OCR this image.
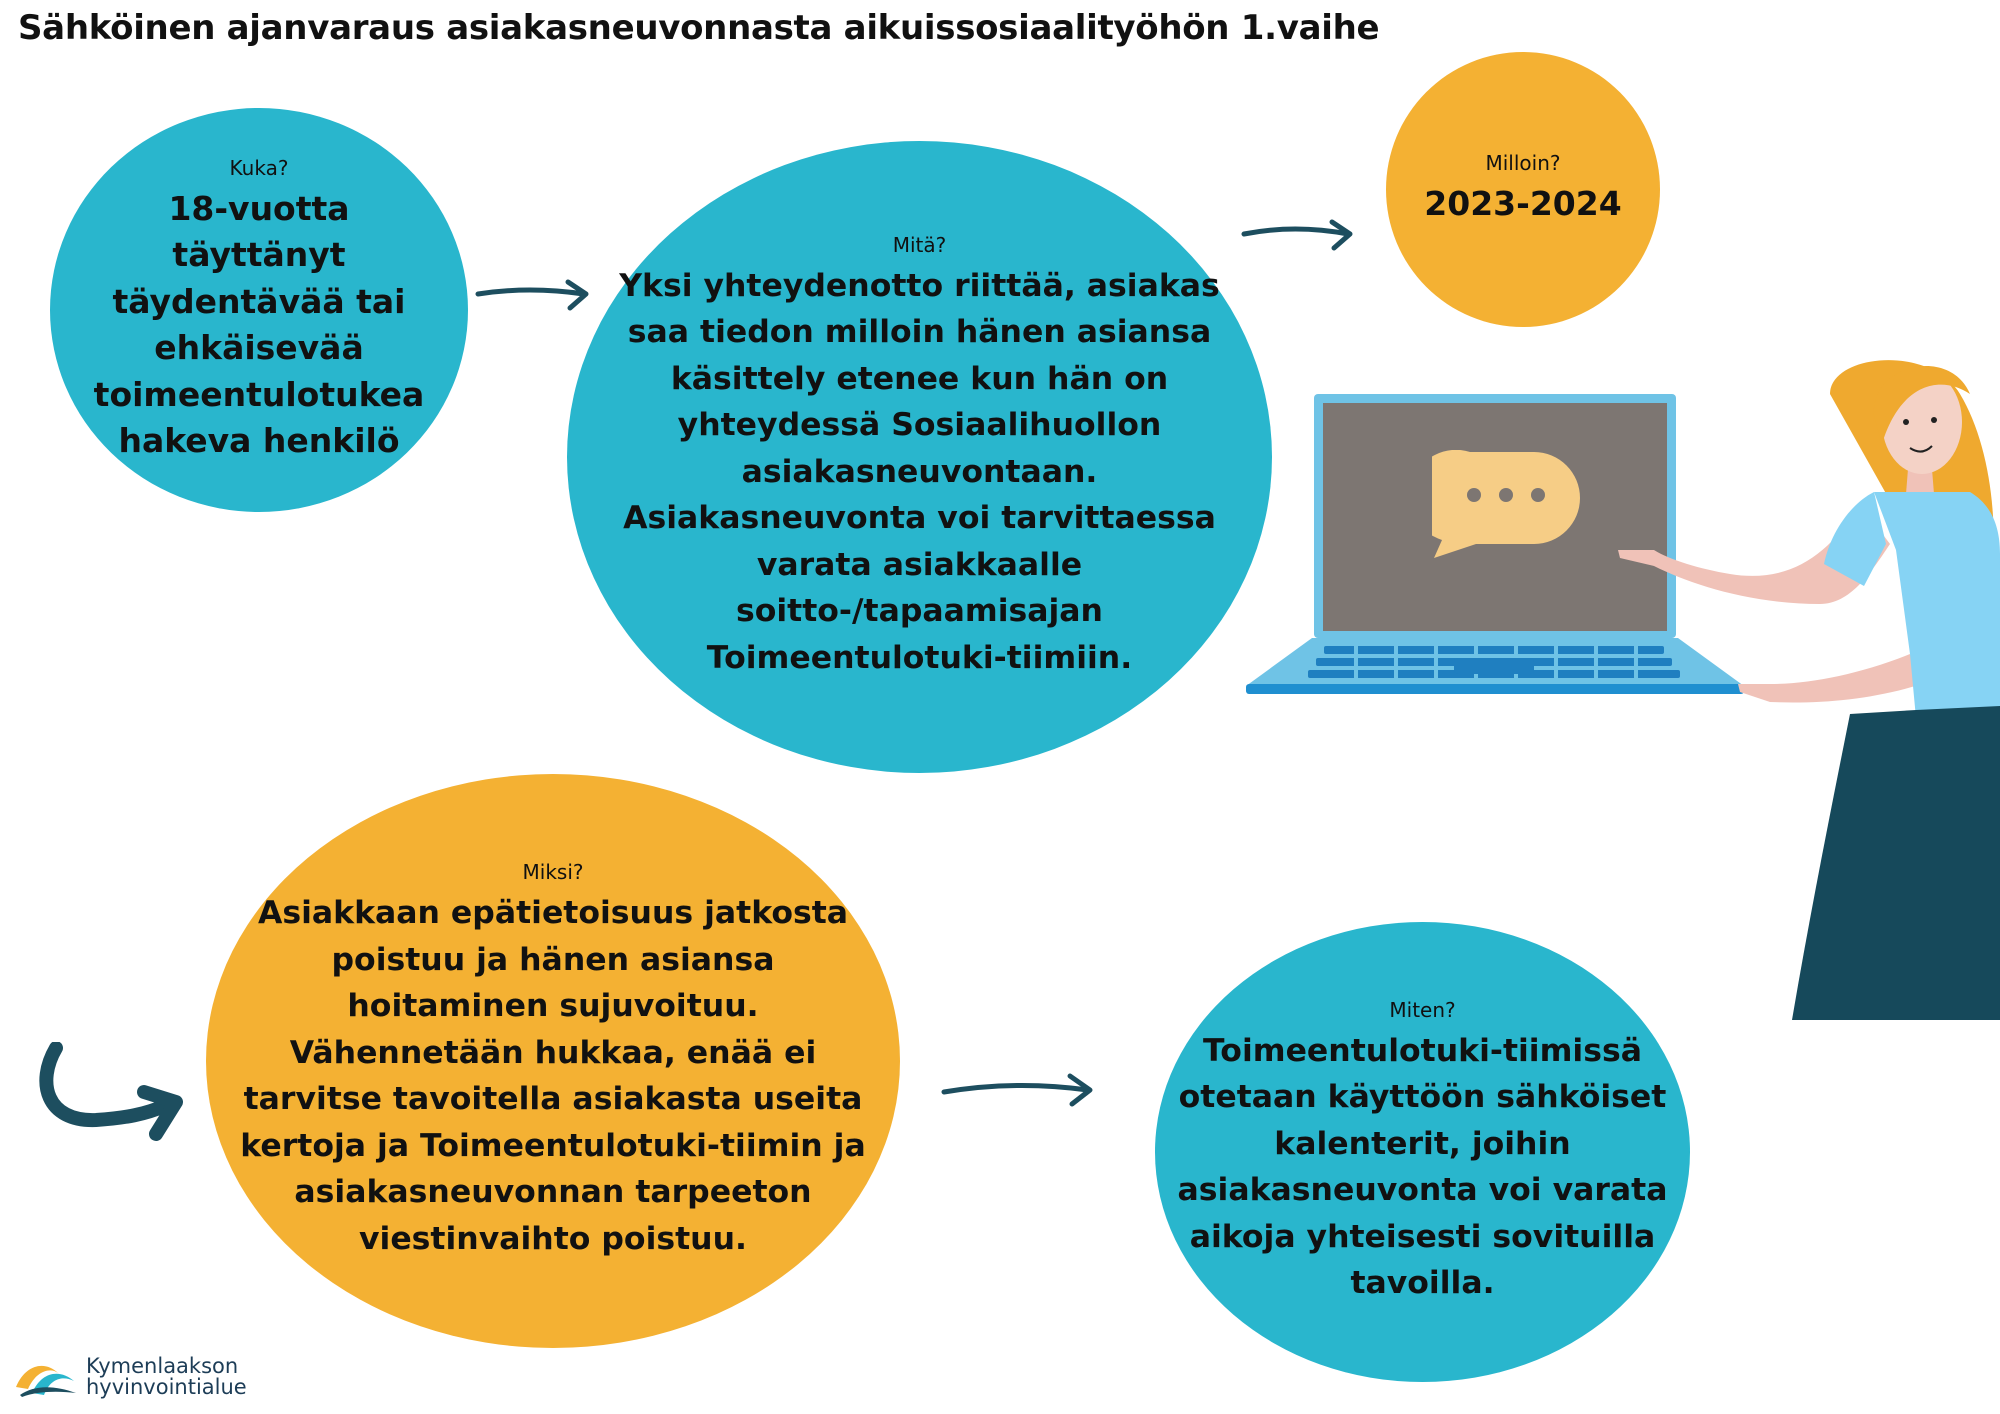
Sähköinen ajanvaraus asiakasneuvonnasta aikuissosiaalityöhön 1.vaihe
Kuka?
18-vuotta täyttänyt täydentävää tai ehkäisevää toimeentulotukea hakeva henkilö
Mitä?
Yksi yhteydenotto riittää, asiakas saa tiedon milloin hänen asiansa käsittely etenee kun hän on yhteydessä Sosiaalihuollon asiakasneuvontaan. Asiakasneuvonta voi tarvittaessa varata asiakkaalle soitto-/tapaamisajan Toimeentulotuki-tiimiin.
Milloin?
2023-2024
Miksi?
Asiakkaan epätietoisuus jatkosta poistuu ja hänen asiansa hoitaminen sujuvoituu. Vähennetään hukkaa, enää ei tarvitse tavoitella asiakasta useita kertoja ja Toimeentulotuki-tiimin ja asiakasneuvonnan tarpeeton viestinvaihto poistuu.
Miten?
Toimeentulotuki-tiimissä otetaan käyttöön sähköiset kalenterit, joihin asiakasneuvonta voi varata aikoja yhteisesti sovituilla tavoilla.
Kymenlaakson
hyvinvointialue
